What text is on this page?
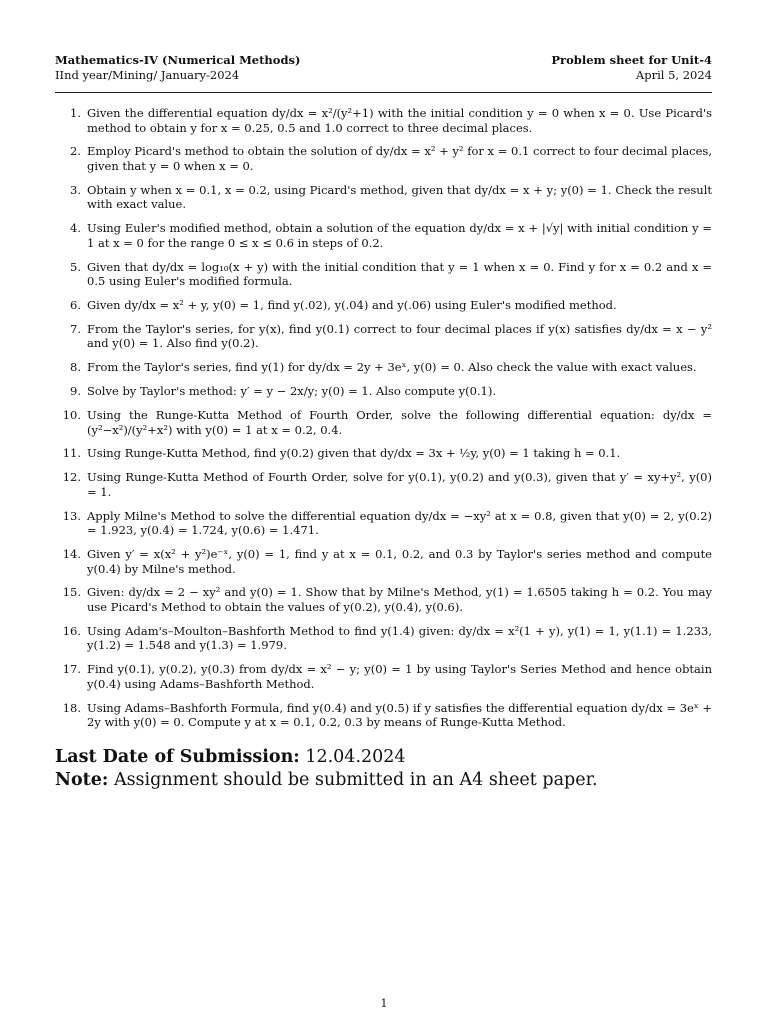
Mathematics-IV (Numerical Methods)	Problem sheet for Unit-4
IInd year/Mining/ January-2024	April 5, 2024
1. Given the differential equation dy/dx = x²/(y²+1) with the initial condition y = 0 when x = 0. Use Picard's method to obtain y for x = 0.25, 0.5 and 1.0 correct to three decimal places.
2. Employ Picard's method to obtain the solution of dy/dx = x² + y² for x = 0.1 correct to four decimal places, given that y = 0 when x = 0.
3. Obtain y when x = 0.1, x = 0.2, using Picard's method, given that dy/dx = x + y; y(0) = 1. Check the result with exact value.
4. Using Euler's modified method, obtain a solution of the equation dy/dx = x + |√y| with initial condition y = 1 at x = 0 for the range 0 ≤ x ≤ 0.6 in steps of 0.2.
5. Given that dy/dx = log₁₀(x + y) with the initial condition that y = 1 when x = 0. Find y for x = 0.2 and x = 0.5 using Euler's modified formula.
6. Given dy/dx = x² + y, y(0) = 1, find y(.02), y(.04) and y(.06) using Euler's modified method.
7. From the Taylor's series, for y(x), find y(0.1) correct to four decimal places if y(x) satisfies dy/dx = x − y² and y(0) = 1. Also find y(0.2).
8. From the Taylor's series, find y(1) for dy/dx = 2y + 3eˣ, y(0) = 0. Also check the value with exact values.
9. Solve by Taylor's method: y′ = y − 2x/y; y(0) = 1. Also compute y(0.1).
10. Using the Runge-Kutta Method of Fourth Order, solve the following differential equation: dy/dx = (y²−x²)/(y²+x²) with y(0) = 1 at x = 0.2, 0.4.
11. Using Runge-Kutta Method, find y(0.2) given that dy/dx = 3x + ½y, y(0) = 1 taking h = 0.1.
12. Using Runge-Kutta Method of Fourth Order, solve for y(0.1), y(0.2) and y(0.3), given that y′ = xy+y², y(0) = 1.
13. Apply Milne's Method to solve the differential equation dy/dx = −xy² at x = 0.8, given that y(0) = 2, y(0.2) = 1.923, y(0.4) = 1.724, y(0.6) = 1.471.
14. Given y′ = x(x² + y²)e⁻ˣ, y(0) = 1, find y at x = 0.1, 0.2, and 0.3 by Taylor's series method and compute y(0.4) by Milne's method.
15. Given: dy/dx = 2 − xy² and y(0) = 1. Show that by Milne's Method, y(1) = 1.6505 taking h = 0.2. You may use Picard's Method to obtain the values of y(0.2), y(0.4), y(0.6).
16. Using Adam's–Moulton–Bashforth Method to find y(1.4) given: dy/dx = x²(1 + y), y(1) = 1, y(1.1) = 1.233, y(1.2) = 1.548 and y(1.3) = 1.979.
17. Find y(0.1), y(0.2), y(0.3) from dy/dx = x² − y; y(0) = 1 by using Taylor's Series Method and hence obtain y(0.4) using Adams–Bashforth Method.
18. Using Adams–Bashforth Formula, find y(0.4) and y(0.5) if y satisfies the differential equation dy/dx = 3eˣ + 2y with y(0) = 0. Compute y at x = 0.1, 0.2, 0.3 by means of Runge-Kutta Method.
Last Date of Submission: 12.04.2024
Note: Assignment should be submitted in an A4 sheet paper.
1
